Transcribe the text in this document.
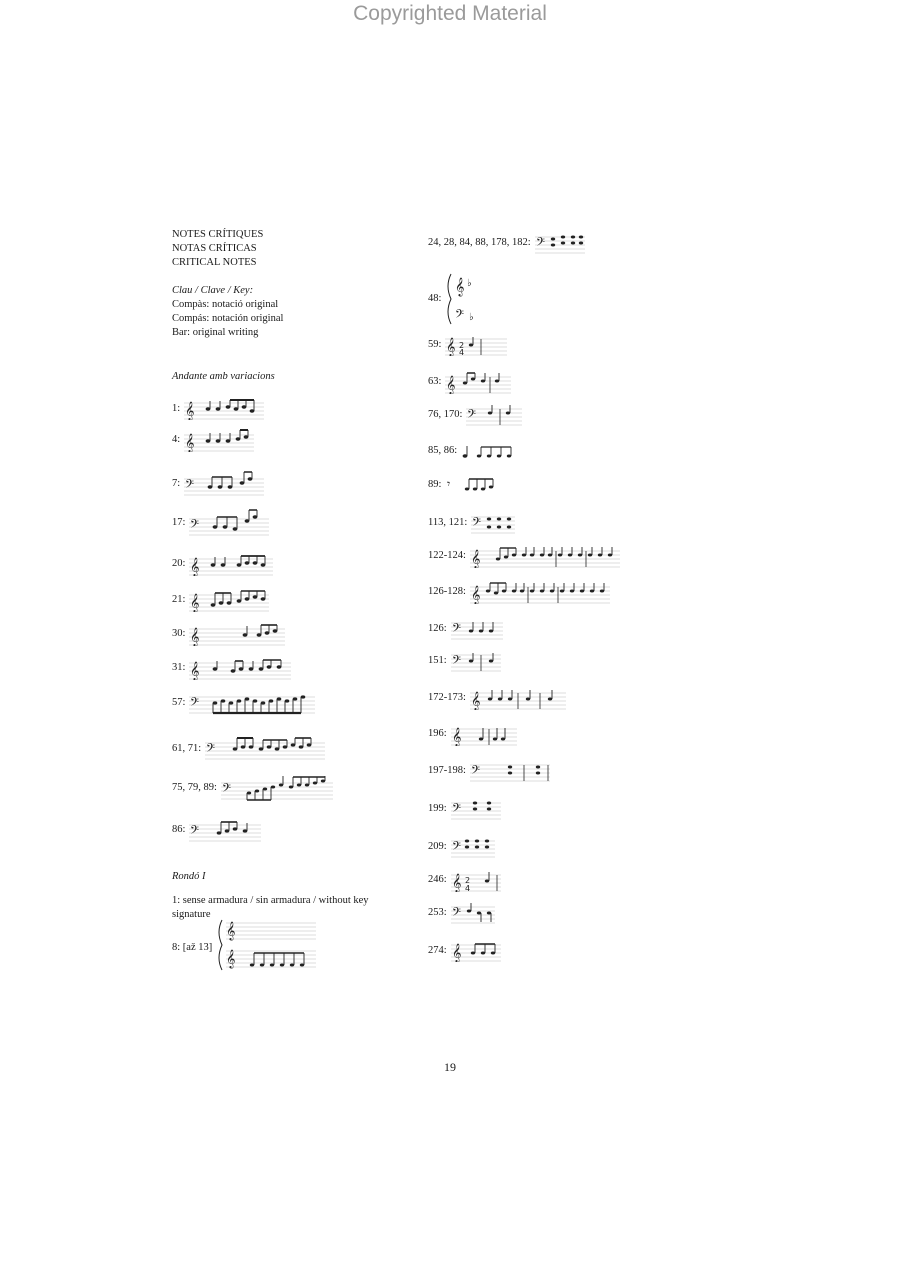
Copyrighted Material
NOTES CRÍTIQUES
NOTAS CRÍTICAS
CRITICAL NOTES
Clau / Clave / Key:
Compàs: notació original
Compás: notación original
Bar: original writing
Andante amb variacions
1: 𝄞
4: 𝄞
7: 𝄢
17: 𝄢
20: 𝄞
21: 𝄞
30: 𝄞
31: 𝄞
57: 𝄢
61, 71: 𝄢
75, 79, 89: 𝄢
86: 𝄢
Rondó I
1: sense armadura / sin armadura / without key signature
8: [až 13]
𝄞
𝄞
24, 28, 84, 88, 178, 182: 𝄢
48:
𝄞 ♭
𝄢 ♭
59: 𝄞 2
4
63: 𝄞
76, 170: 𝄢
85, 86:
89: 𝄾
113, 121: 𝄢
122-124: 𝄞
126-128: 𝄞
126: 𝄢
151: 𝄢
172-173: 𝄞
196: 𝄞
197-198: 𝄢
199: 𝄢
209: 𝄢
246: 𝄞 2
4
253: 𝄢
274: 𝄞
19
